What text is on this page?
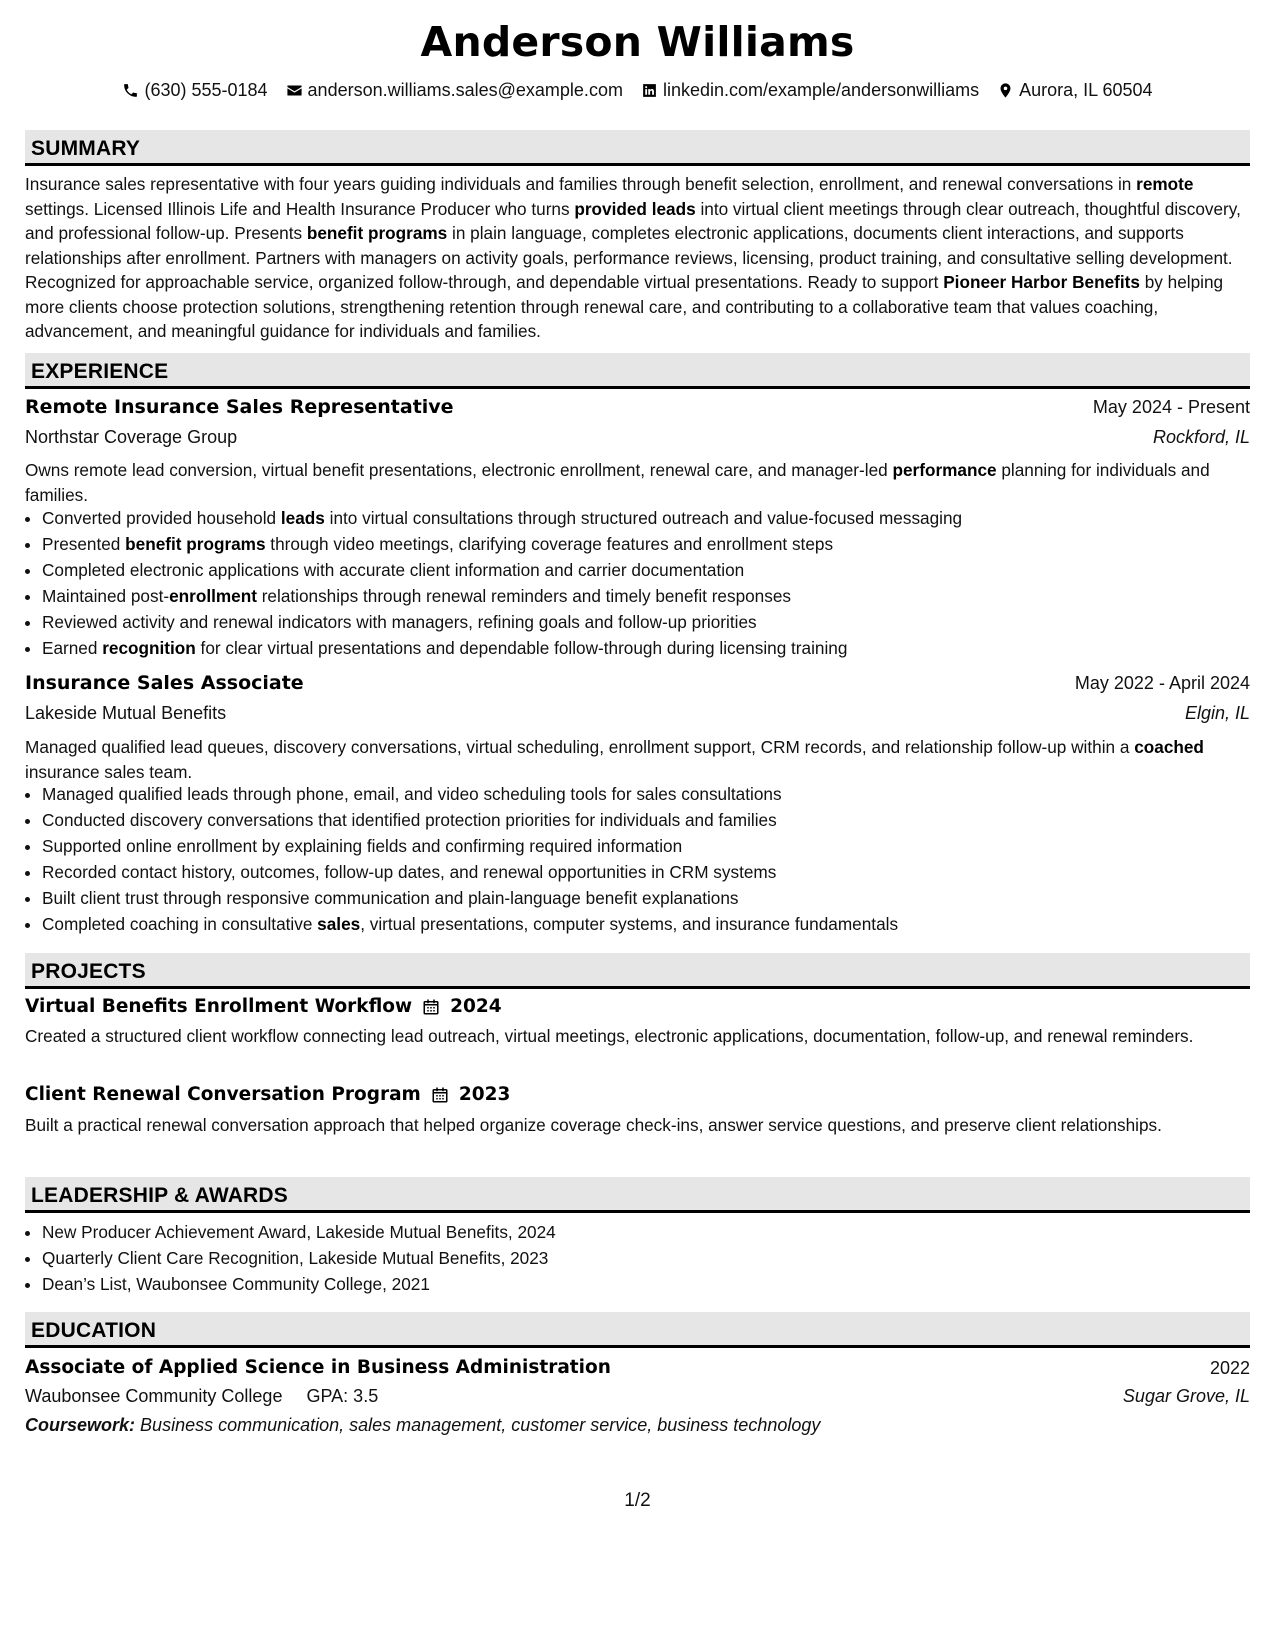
Anderson Williams
(630) 555-0184 anderson.williams.sales@example.com linkedin.com/example/andersonwilliams Aurora, IL 60504
SUMMARY
Insurance sales representative with four years guiding individuals and families through benefit selection, enrollment, and renewal conversations in remote settings. Licensed Illinois Life and Health Insurance Producer who turns provided leads into virtual client meetings through clear outreach, thoughtful discovery, and professional follow-up. Presents benefit programs in plain language, completes electronic applications, documents client interactions, and supports relationships after enrollment. Partners with managers on activity goals, performance reviews, licensing, product training, and consultative selling development. Recognized for approachable service, organized follow-through, and dependable virtual presentations. Ready to support Pioneer Harbor Benefits by helping more clients choose protection solutions, strengthening retention through renewal care, and contributing to a collaborative team that values coaching, advancement, and meaningful guidance for individuals and families.
EXPERIENCE
Remote Insurance Sales Representative	May 2024 - Present
Northstar Coverage Group	Rockford, IL
Owns remote lead conversion, virtual benefit presentations, electronic enrollment, renewal care, and manager-led performance planning for individuals and families.
• Converted provided household leads into virtual consultations through structured outreach and value-focused messaging
• Presented benefit programs through video meetings, clarifying coverage features and enrollment steps
• Completed electronic applications with accurate client information and carrier documentation
• Maintained post-enrollment relationships through renewal reminders and timely benefit responses
• Reviewed activity and renewal indicators with managers, refining goals and follow-up priorities
• Earned recognition for clear virtual presentations and dependable follow-through during licensing training
Insurance Sales Associate	May 2022 - April 2024
Lakeside Mutual Benefits	Elgin, IL
Managed qualified lead queues, discovery conversations, virtual scheduling, enrollment support, CRM records, and relationship follow-up within a coached insurance sales team.
• Managed qualified leads through phone, email, and video scheduling tools for sales consultations
• Conducted discovery conversations that identified protection priorities for individuals and families
• Supported online enrollment by explaining fields and confirming required information
• Recorded contact history, outcomes, follow-up dates, and renewal opportunities in CRM systems
• Built client trust through responsive communication and plain-language benefit explanations
• Completed coaching in consultative sales, virtual presentations, computer systems, and insurance fundamentals
PROJECTS
Virtual Benefits Enrollment Workflow 2024
Created a structured client workflow connecting lead outreach, virtual meetings, electronic applications, documentation, follow-up, and renewal reminders.
Client Renewal Conversation Program 2023
Built a practical renewal conversation approach that helped organize coverage check-ins, answer service questions, and preserve client relationships.
LEADERSHIP & AWARDS
• New Producer Achievement Award, Lakeside Mutual Benefits, 2024
• Quarterly Client Care Recognition, Lakeside Mutual Benefits, 2023
• Dean’s List, Waubonsee Community College, 2021
EDUCATION
Associate of Applied Science in Business Administration	2022
Waubonsee Community College GPA: 3.5	Sugar Grove, IL
Coursework: Business communication, sales management, customer service, business technology
1/2
